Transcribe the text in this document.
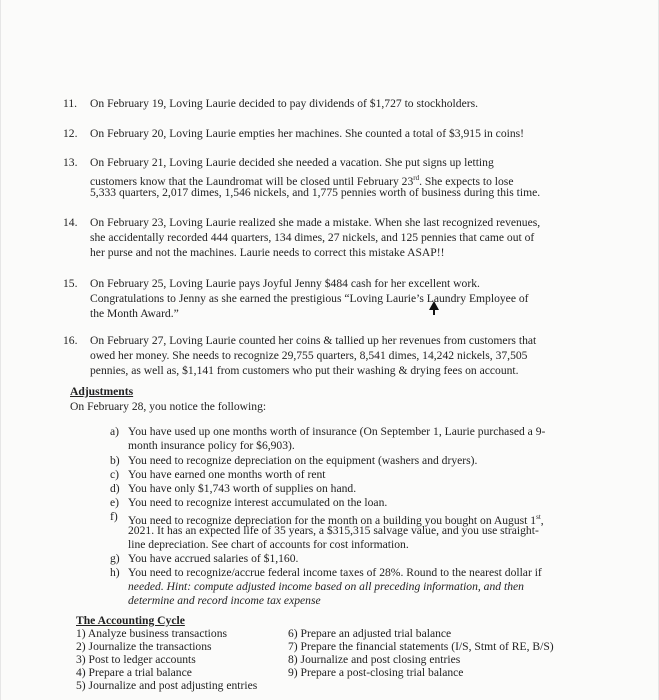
11. On February 19, Loving Laurie decided to pay dividends of $1,727 to stockholders.
12. On February 20, Loving Laurie empties her machines. She counted a total of $3,915 in coins!
13. On February 21, Loving Laurie decided she needed a vacation. She put signs up letting
customers know that the Laundromat will be closed until February 23rd. She expects to lose
5,333 quarters, 2,017 dimes, 1,546 nickels, and 1,775 pennies worth of business during this time.
14. On February 23, Loving Laurie realized she made a mistake. When she last recognized revenues,
she accidentally recorded 444 quarters, 134 dimes, 27 nickels, and 125 pennies that came out of
her purse and not the machines. Laurie needs to correct this mistake ASAP!!
15. On February 25, Loving Laurie pays Joyful Jenny $484 cash for her excellent work.
Congratulations to Jenny as she earned the prestigious “Loving Laurie’s Laundry Employee of
the Month Award.”
16. On February 27, Loving Laurie counted her coins & tallied up her revenues from customers that
owed her money. She needs to recognize 29,755 quarters, 8,541 dimes, 14,242 nickels, 37,505
pennies, as well as, $1,141 from customers who put their washing & drying fees on account.
Adjustments
On February 28, you notice the following:
a) You have used up one months worth of insurance (On September 1, Laurie purchased a 9-
month insurance policy for $6,903).
b) You need to recognize depreciation on the equipment (washers and dryers).
c) You have earned one months worth of rent
d) You have only $1,743 worth of supplies on hand.
e) You need to recognize interest accumulated on the loan.
f) You need to recognize depreciation for the month on a building you bought on August 1st,
2021. It has an expected life of 35 years, a $315,315 salvage value, and you use straight-
line depreciation. See chart of accounts for cost information.
g) You have accrued salaries of $1,160.
h) You need to recognize/accrue federal income taxes of 28%. Round to the nearest dollar if
needed. Hint: compute adjusted income based on all preceding information, and then
determine and record income tax expense
The Accounting Cycle
1) Analyze business transactions
2) Journalize the transactions
3) Post to ledger accounts
4) Prepare a trial balance
5) Journalize and post adjusting entries
6) Prepare an adjusted trial balance
7) Prepare the financial statements (I/S, Stmt of RE, B/S)
8) Journalize and post closing entries
9) Prepare a post-closing trial balance
